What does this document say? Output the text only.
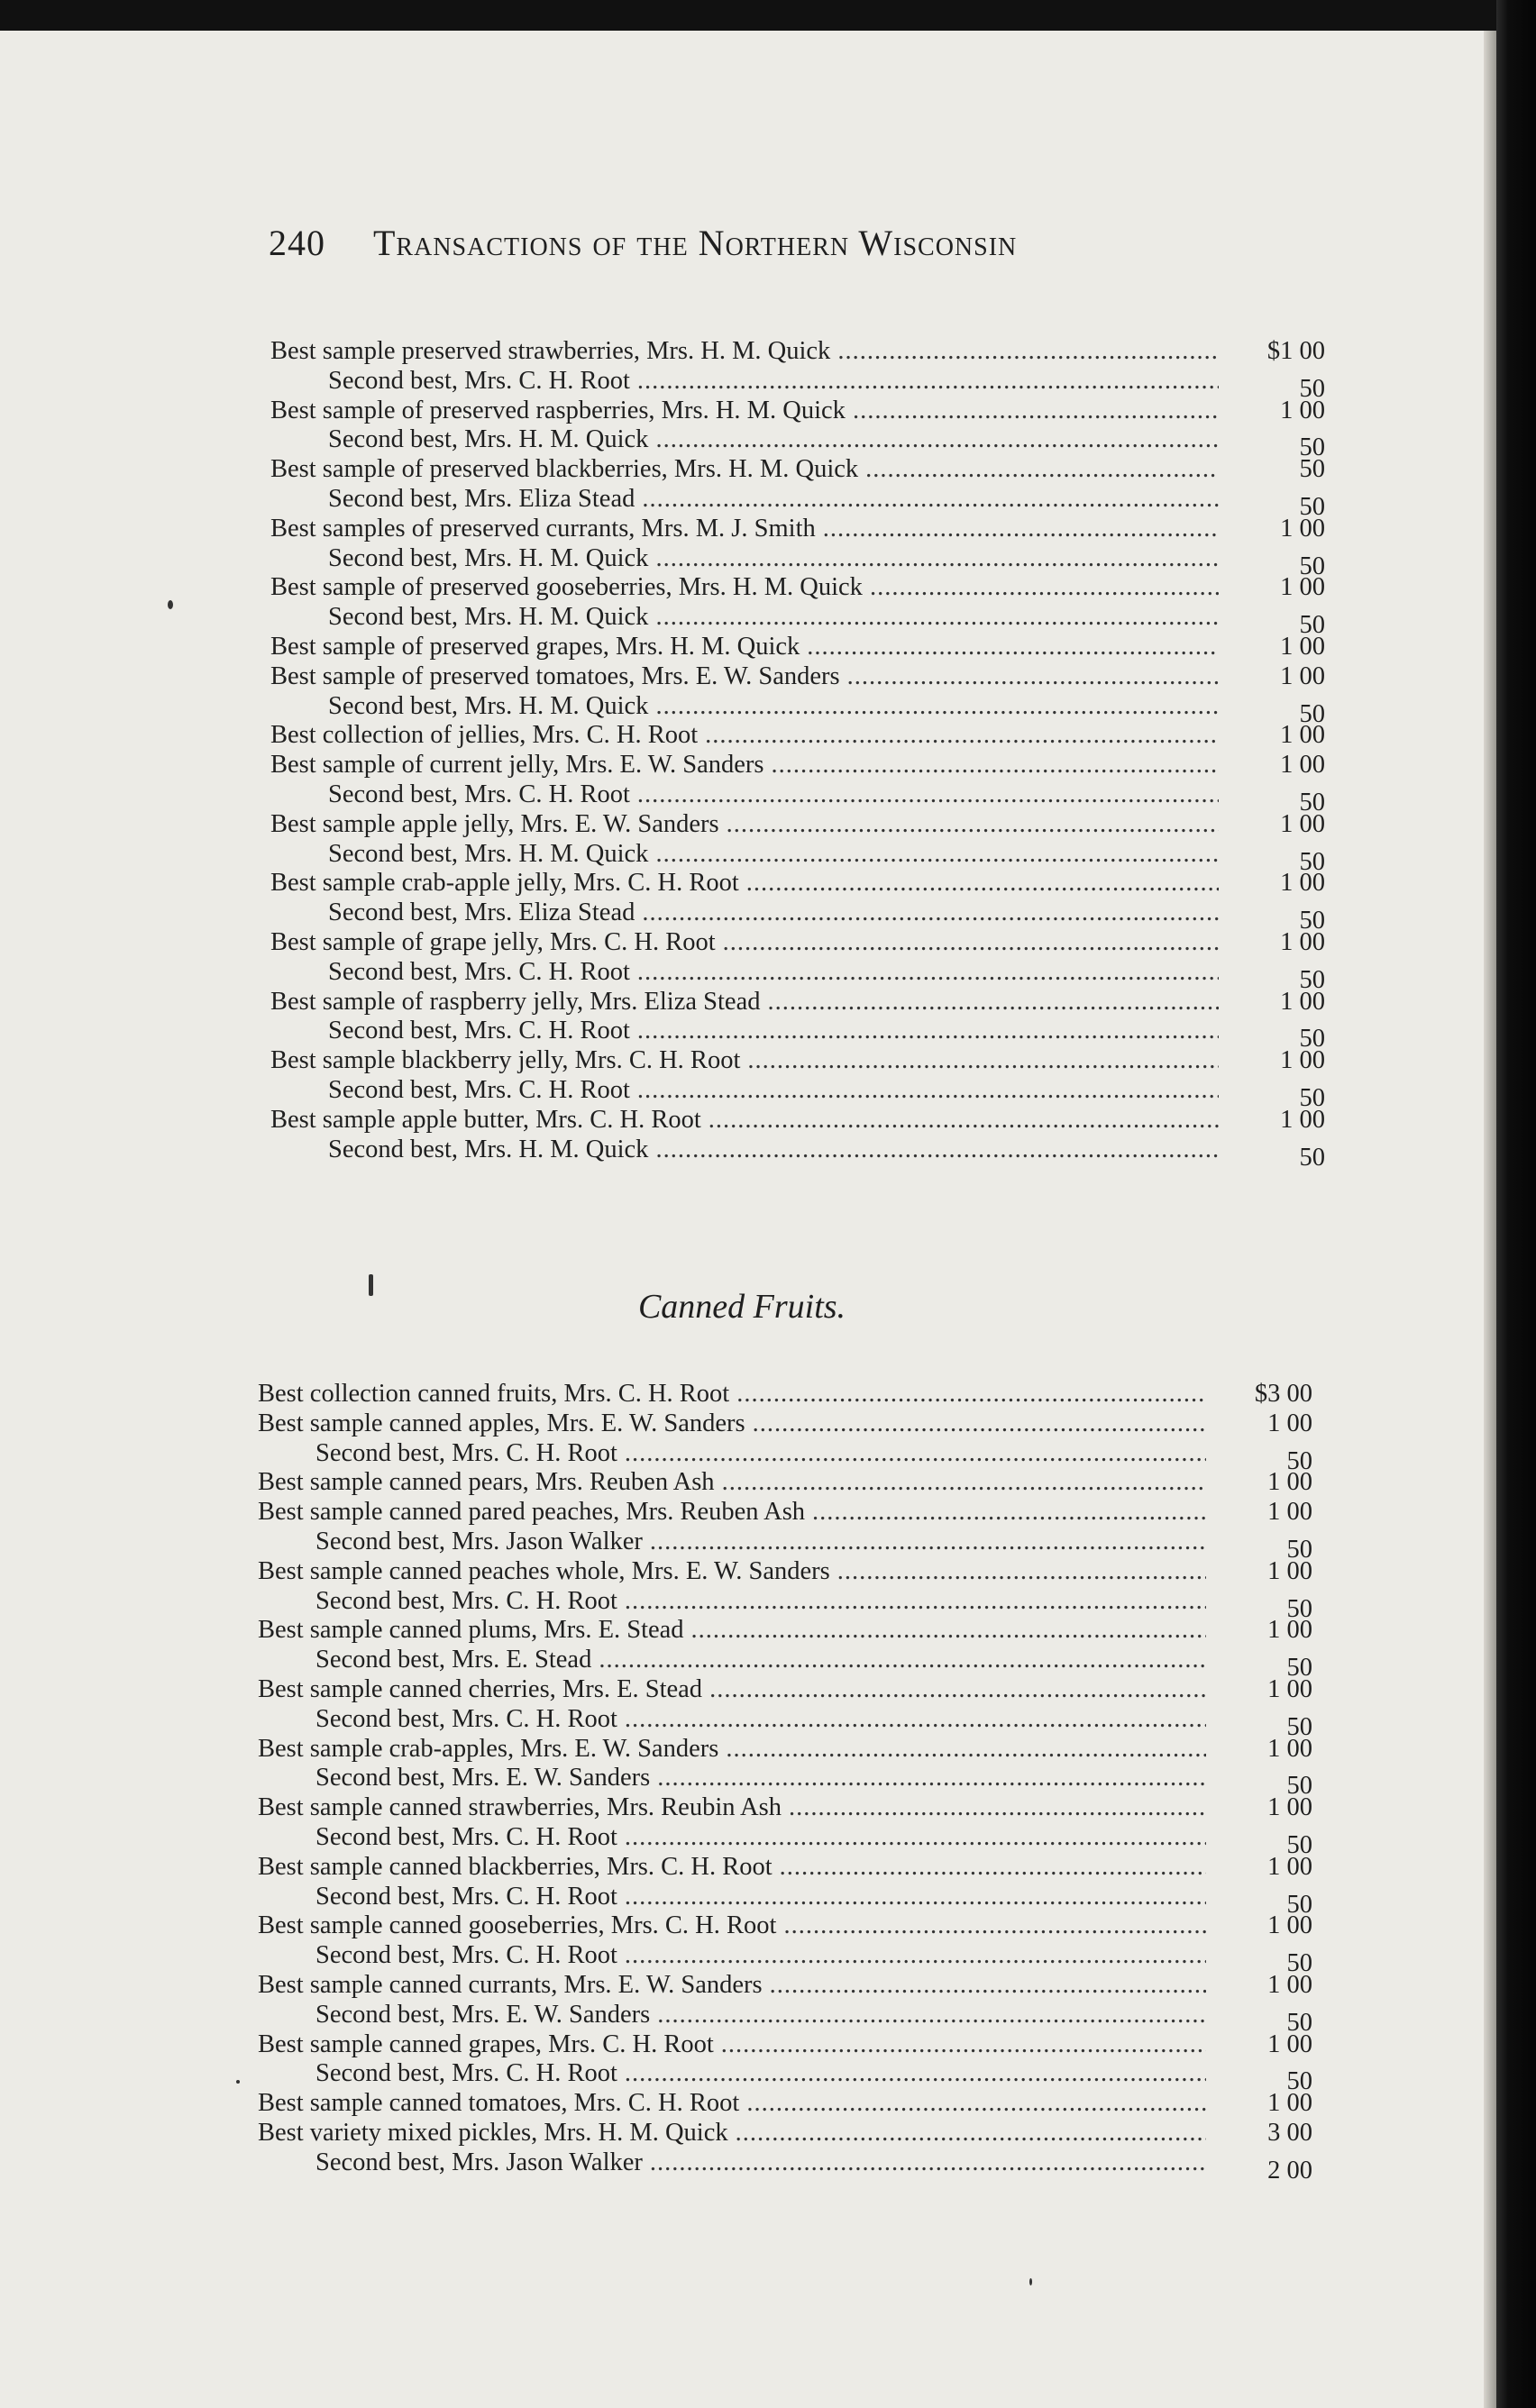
240 Transactions of the Northern Wisconsin
Best sample preserved strawberries, Mrs. H. M. Quick .....	$1 00
Second best, Mrs. C. H. Root .....	50
Best sample of preserved raspberries, Mrs. H. M. Quick .....	1 00
Second best, Mrs. H. M. Quick .....	50
Best sample of preserved blackberries, Mrs. H. M. Quick .....	50
Second best, Mrs. Eliza Stead .....	50
Best samples of preserved currants, Mrs. M. J. Smith .....	1 00
Second best, Mrs. H. M. Quick .....	50
Best sample of preserved gooseberries, Mrs. H. M. Quick .....	1 00
Second best, Mrs. H. M. Quick .....	50
Best sample of preserved grapes, Mrs. H. M. Quick .....	1 00
Best sample of preserved tomatoes, Mrs. E. W. Sanders .....	1 00
Second best, Mrs. H. M. Quick .....	50
Best collection of jellies, Mrs. C. H. Root .....	1 00
Best sample of current jelly, Mrs. E. W. Sanders .....	1 00
Second best, Mrs. C. H. Root .....	50
Best sample apple jelly, Mrs. E. W. Sanders .....	1 00
Second best, Mrs. H. M. Quick .....	50
Best sample crab-apple jelly, Mrs. C. H. Root .....	1 00
Second best, Mrs. Eliza Stead .....	50
Best sample of grape jelly, Mrs. C. H. Root .....	1 00
Second best, Mrs. C. H. Root .....	50
Best sample of raspberry jelly, Mrs. Eliza Stead .....	1 00
Second best, Mrs. C. H. Root .....	50
Best sample blackberry jelly, Mrs. C. H. Root .....	1 00
Second best, Mrs. C. H. Root .....	50
Best sample apple butter, Mrs. C. H. Root .....	1 00
Second best, Mrs. H. M. Quick .....	50
Canned Fruits.
Best collection canned fruits, Mrs. C. H. Root .....	$3 00
Best sample canned apples, Mrs. E. W. Sanders .....	1 00
Second best, Mrs. C. H. Root .....	50
Best sample canned pears, Mrs. Reuben Ash .....	1 00
Best sample canned pared peaches, Mrs. Reuben Ash .....	1 00
Second best, Mrs. Jason Walker .....	50
Best sample canned peaches whole, Mrs. E. W. Sanders .....	1 00
Second best, Mrs. C. H. Root .....	50
Best sample canned plums, Mrs. E. Stead .....	1 00
Second best, Mrs. E. Stead .....	50
Best sample canned cherries, Mrs. E. Stead .....	1 00
Second best, Mrs. C. H. Root .....	50
Best sample crab-apples, Mrs. E. W. Sanders .....	1 00
Second best, Mrs. E. W. Sanders .....	50
Best sample canned strawberries, Mrs. Reubin Ash .....	1 00
Second best, Mrs. C. H. Root .....	50
Best sample canned blackberries, Mrs. C. H. Root .....	1 00
Second best, Mrs. C. H. Root .....	50
Best sample canned gooseberries, Mrs. C. H. Root .....	1 00
Second best, Mrs. C. H. Root .....	50
Best sample canned currants, Mrs. E. W. Sanders .....	1 00
Second best, Mrs. E. W. Sanders .....	50
Best sample canned grapes, Mrs. C. H. Root .....	1 00
Second best, Mrs. C. H. Root .....	50
Best sample canned tomatoes, Mrs. C. H. Root .....	1 00
Best variety mixed pickles, Mrs. H. M. Quick .....	3 00
Second best, Mrs. Jason Walker .....	2 00
